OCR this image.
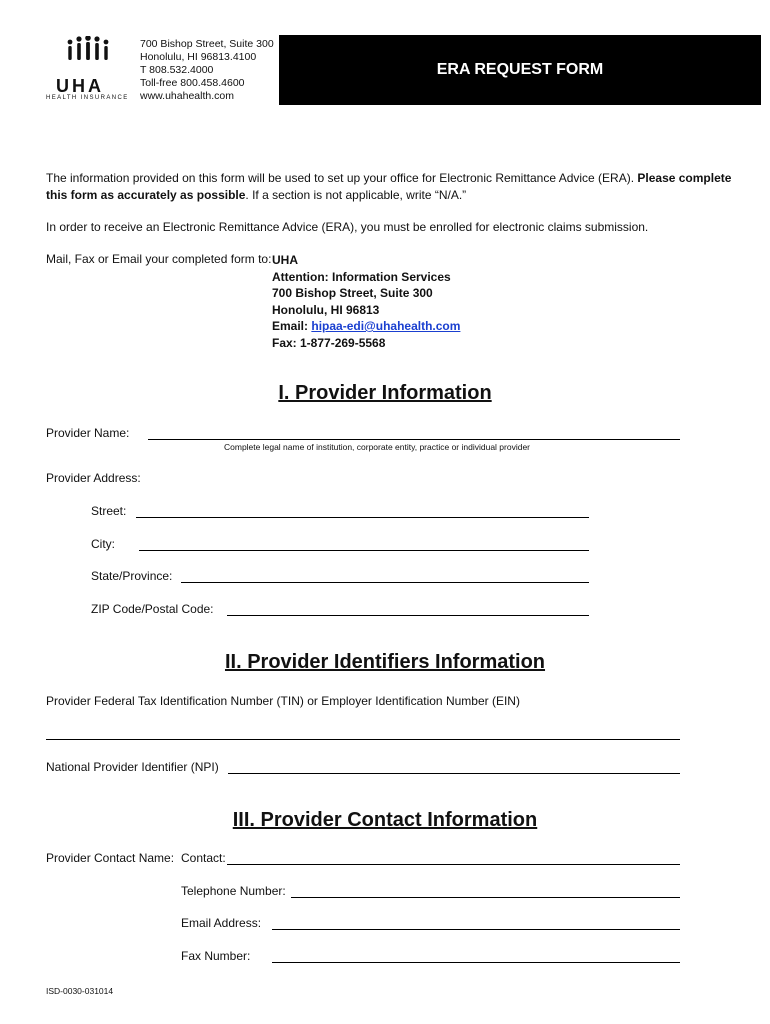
UHA
HEALTH INSURANCE
700 Bishop Street, Suite 300
Honolulu, HI 96813.4100
T 808.532.4000
Toll-free 800.458.4600
www.uhahealth.com
ERA REQUEST FORM

The information provided on this form will be used to set up your office for Electronic Remittance Advice (ERA). Please complete this form as accurately as possible. If a section is not applicable, write “N/A.”

In order to receive an Electronic Remittance Advice (ERA), you must be enrolled for electronic claims submission.

Mail, Fax or Email your completed form to: UHA
Attention: Information Services
700 Bishop Street, Suite 300
Honolulu, HI 96813
Email: hipaa-edi@uhahealth.com
Fax: 1-877-269-5568
I. Provider Information
Provider Name:
Complete legal name of institution, corporate entity, practice or individual provider
Provider Address:
Street:
City:
State/Province:
ZIP Code/Postal Code:
II. Provider Identifiers Information
Provider Federal Tax Identification Number (TIN) or Employer Identification Number (EIN)
National Provider Identifier (NPI)
III. Provider Contact Information
Provider Contact Name: Contact:
Telephone Number:
Email Address:
Fax Number:
ISD-0030-031014
